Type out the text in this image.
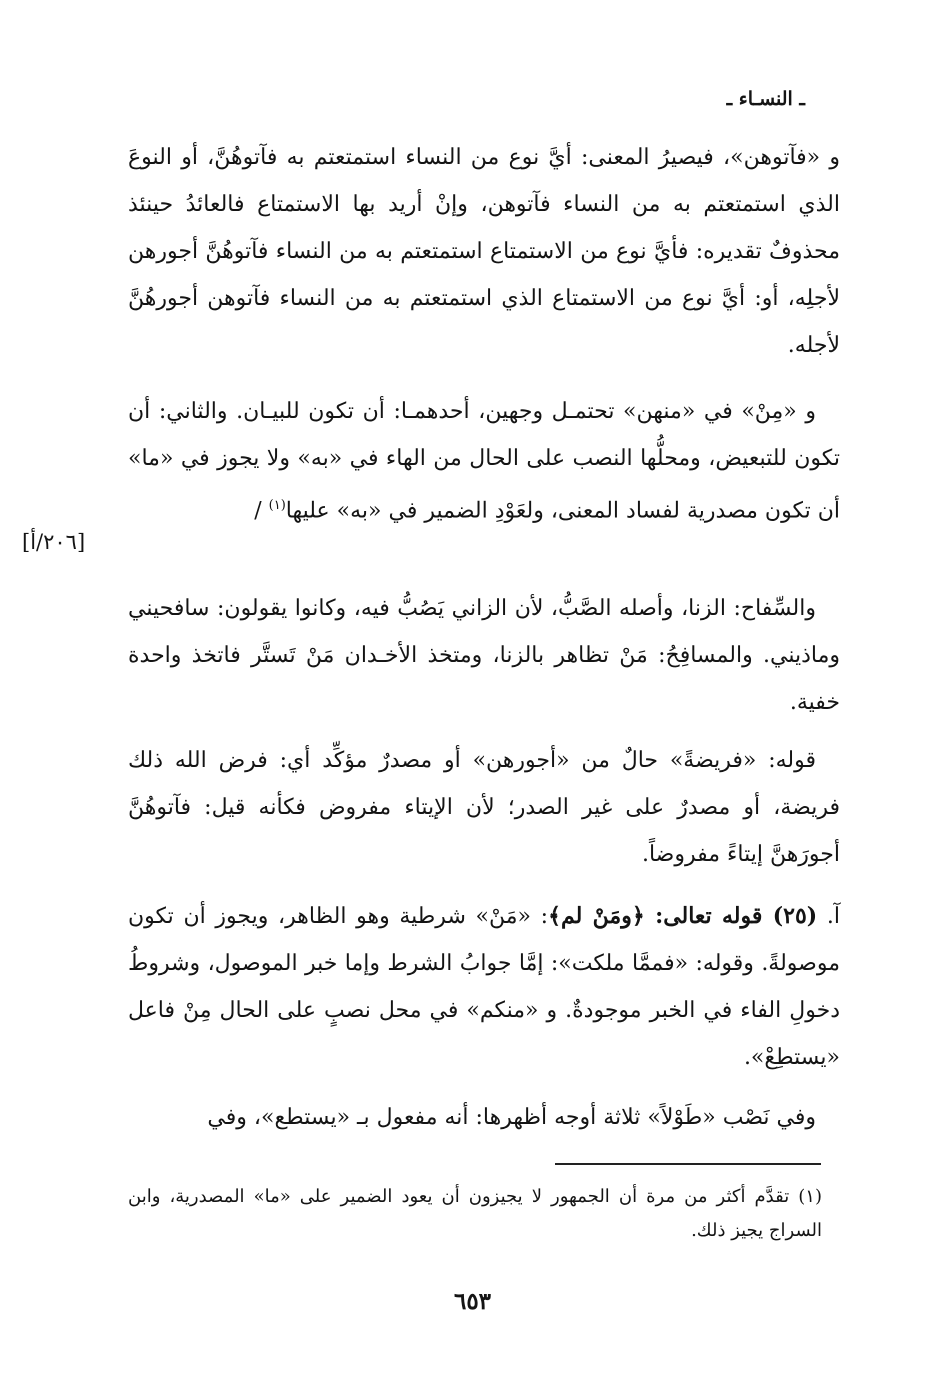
ـ النسـاء ـ

و «فآتوهن»، فيصيرُ المعنى: أيَّ نوع من النساء استمتعتم به فآتوهُنَّ، أو النوعَ الذي استمتعتم به من النساء فآتوهن، وإنْ أريد بها الاستمتاع فالعائدُ حينئذ محذوفٌ تقديره: فأيَّ نوع من الاستمتاع استمتعتم به من النساء فآتوهُنَّ أجورهن لأجلِه، أو: أيَّ نوع من الاستمتاع الذي استمتعتم به من النساء فآتوهن أجورهُنَّ لأجله.

و «مِنْ» في «منهن» تحتمـل وجهين، أحدهمـا: أن تكون للبيـان. والثاني: أن تكون للتبعيض، ومحلُّها النصب على الحال من الهاء في «به» ولا يجوز في «ما» أن تكون مصدرية لفساد المعنى، ولعَوْدِ الضمير في «به» عليها$^{(١)}$ /

[٢٠٦/أ]

والسِّفاح: الزنا، وأصله الصَّبُّ، لأن الزاني يَصُبُّ فيه، وكانوا يقولون: سافحيني وماذيني. والمسافِحُ: مَنْ تظاهر بالزنا، ومتخذ الأخـدان مَنْ تَستَّر فاتخذ واحدة خفية.

قوله: «فريضةً» حالٌ من «أجورهن» أو مصدرٌ مؤكِّد أي: فرض الله ذلك فريضة، أو مصدرٌ على غير الصدر؛ لأن الإيتاء مفروض فكأنه قيل: فآتوهُنَّ أجورَهنَّ إيتاءً مفروضاً.

آ. (٢٥) قوله تعالى: ﴿ومَنْ لم﴾: «مَنْ» شرطية وهو الظاهر، ويجوز أن تكون موصولةً. وقوله: «فممَّا ملكت»: إمَّا جوابُ الشرط وإما خبر الموصول، وشروطُ دخولِ الفاء في الخبر موجودةٌ. و «منكم» في محل نصبٍ على الحال مِنْ فاعل «يستطِعْ».

وفي نَصْب «طَوْلاً» ثلاثة أوجه أظهرها: أنه مفعول بـ «يستطع»، وفي

(١) تقدَّم أكثر من مرة أن الجمهور لا يجيزون أن يعود الضمير على «ما» المصدرية، وابن السراج يجيز ذلك.
٦٥٣
